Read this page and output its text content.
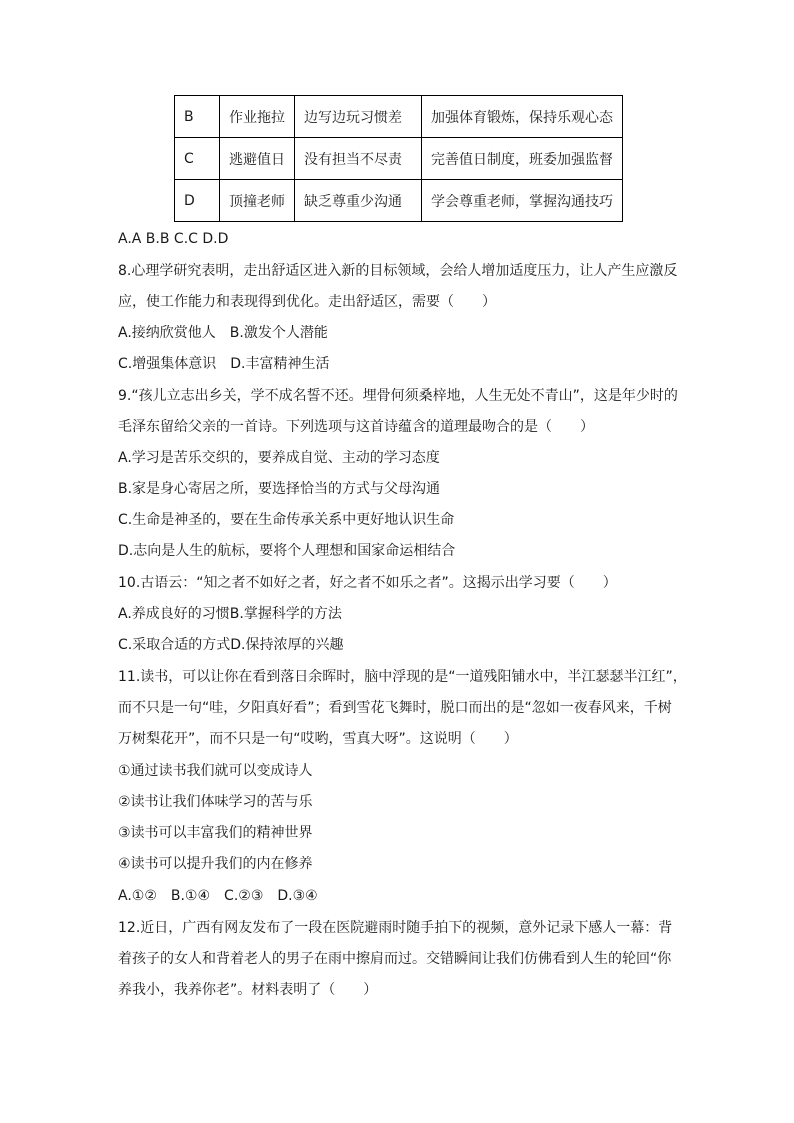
B	作业拖拉	边写边玩习惯差	加强体育锻炼，保持乐观心态
C	逃避值日	没有担当不尽责	完善值日制度，班委加强监督
D	顶撞老师	缺乏尊重少沟通	学会尊重老师，掌握沟通技巧
A.A B.B C.C D.D
8.心理学研究表明，走出舒适区进入新的目标领域，会给人增加适度压力，让人产生应激反
应，使工作能力和表现得到优化。走出舒适区，需要（　　）
A.接纳欣赏他人　B.激发个人潜能
C.增强集体意识　D.丰富精神生活
9.“孩儿立志出乡关，学不成名誓不还。埋骨何须桑梓地，人生无处不青山”，这是年少时的
毛泽东留给父亲的一首诗。下列选项与这首诗蕴含的道理最吻合的是（　　）
A.学习是苦乐交织的，要养成自觉、主动的学习态度
B.家是身心寄居之所，要选择恰当的方式与父母沟通
C.生命是神圣的，要在生命传承关系中更好地认识生命
D.志向是人生的航标，要将个人理想和国家命运相结合
10.古语云：“知之者不如好之者，好之者不如乐之者”。这揭示出学习要（　　）
A.养成良好的习惯B.掌握科学的方法
C.采取合适的方式D.保持浓厚的兴趣
11.读书，可以让你在看到落日余晖时，脑中浮现的是“一道残阳铺水中，半江瑟瑟半江红”，
而不只是一句“哇，夕阳真好看”；看到雪花飞舞时，脱口而出的是“忽如一夜春风来，千树
万树梨花开”，而不只是一句“哎哟，雪真大呀”。这说明（　　）
①通过读书我们就可以变成诗人
②读书让我们体味学习的苦与乐
③读书可以丰富我们的精神世界
④读书可以提升我们的内在修养
A.①②　B.①④　C.②③　D.③④
12.近日，广西有网友发布了一段在医院避雨时随手拍下的视频，意外记录下感人一幕：背
着孩子的女人和背着老人的男子在雨中擦肩而过。交错瞬间让我们仿佛看到人生的轮回“你
养我小，我养你老”。材料表明了（　　）
